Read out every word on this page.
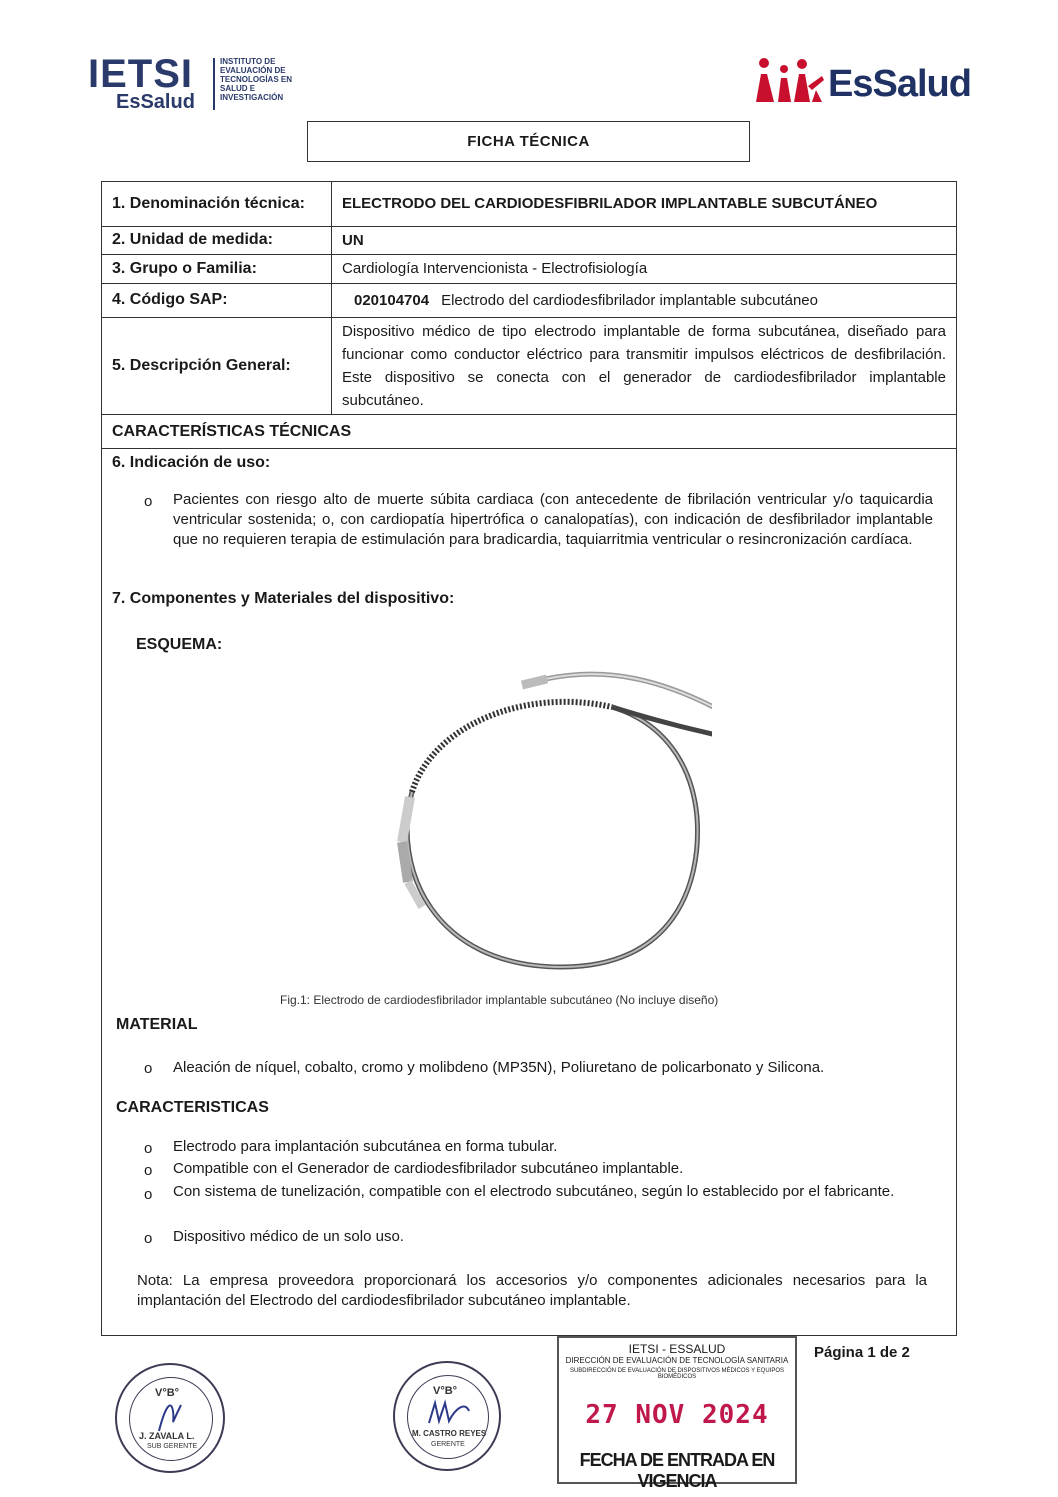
IETSI
EsSalud
INSTITUTO DE EVALUACIÓN DE TECNOLOGÍAS EN SALUD E INVESTIGACIÓN	EsSalud
FICHA TÉCNICA
1. Denominación técnica: ELECTRODO DEL CARDIODESFIBRILADOR IMPLANTABLE SUBCUTÁNEO
2. Unidad de medida:	UN
3. Grupo o Familia:	Cardiología Intervencionista - Electrofisiología
4. Código SAP:	020104704 Electrodo del cardiodesfibrilador implantable subcutáneo
5. Descripción General:
Dispositivo médico de tipo electrodo implantable de forma subcutánea, diseñado para funcionar como conductor eléctrico para transmitir impulsos eléctricos de desfibrilación. Este dispositivo se conecta con el generador de cardiodesfibrilador implantable subcutáneo.
CARACTERÍSTICAS TÉCNICAS
6. Indicación de uso:
o Pacientes con riesgo alto de muerte súbita cardiaca (con antecedente de fibrilación ventricular y/o taquicardia ventricular sostenida; o, con cardiopatía hipertrófica o canalopatías), con indicación de desfibrilador implantable que no requieren terapia de estimulación para bradicardia, taquiarritmia ventricular o resincronización cardíaca.
7. Componentes y Materiales del dispositivo:
ESQUEMA:
Fig.1: Electrodo de cardiodesfibrilador implantable subcutáneo (No incluye diseño)
MATERIAL
o Aleación de níquel, cobalto, cromo y molibdeno (MP35N), Poliuretano de policarbonato y Silicona.
CARACTERISTICAS
o Electrodo para implantación subcutánea en forma tubular.
o Compatible con el Generador de cardiodesfibrilador subcutáneo implantable.
o Con sistema de tunelización, compatible con el electrodo subcutáneo, según lo establecido por el fabricante.
o Dispositivo médico de un solo uso.
Nota: La empresa proveedora proporcionará los accesorios y/o componentes adicionales necesarios para la implantación del Electrodo del cardiodesfibrilador subcutáneo implantable.
V°B°
J. ZAVALA L.
SUB GERENTE
V°B°
M. CASTRO REYES
GERENTE
IETSI - ESSALUD
DIRECCIÓN DE EVALUACIÓN DE TECNOLOGÍA SANITARIA
SUBDIRECCIÓN DE EVALUACIÓN DE DISPOSITIVOS MÉDICOS Y EQUIPOS BIOMÉDICOS
27 NOV 2024
FECHA DE ENTRADA EN VIGENCIA
Página 1 de 2
